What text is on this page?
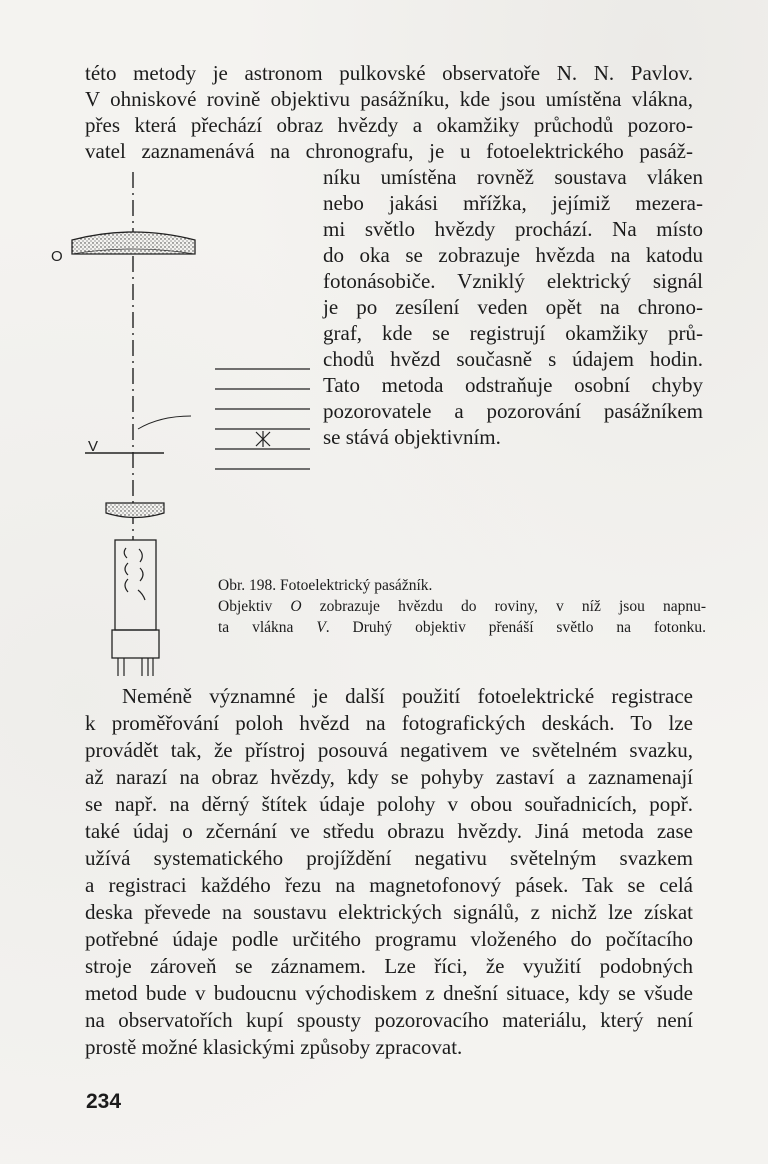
této metody je astronom pulkovské observatoře N. N. Pavlov.
V ohniskové rovině objektivu pasážníku, kde jsou umístěna vlákna,
přes která přechází obraz hvězdy a okamžiky průchodů pozoro-
vatel zaznamenává na chronografu, je u fotoelektrického pasáž-
níku umístěna rovněž soustava vláken
nebo jakási mřížka, jejímiž mezera-
mi světlo hvězdy prochází. Na místo
do oka se zobrazuje hvězda na katodu
fotonásobiče. Vzniklý elektrický signál
je po zesílení veden opět na chrono-
graf, kde se registrují okamžiky prů-
chodů hvězd současně s údajem hodin.
Tato metoda odstraňuje osobní chyby
pozorovatele a pozorování pasážníkem
se stává objektivním.
O
V
Obr. 198. Fotoelektrický pasážník.
Objektiv O zobrazuje hvězdu do roviny, v níž jsou napnu-
ta vlákna V. Druhý objektiv přenáší světlo na fotonku.
Neméně významné je další použití fotoelektrické registrace
k proměřování poloh hvězd na fotografických deskách. To lze
provádět tak, že přístroj posouvá negativem ve světelném svazku,
až narazí na obraz hvězdy, kdy se pohyby zastaví a zaznamenají
se např. na děrný štítek údaje polohy v obou souřadnicích, popř.
také údaj o zčernání ve středu obrazu hvězdy. Jiná metoda zase
užívá systematického projíždění negativu světelným svazkem
a registraci každého řezu na magnetofonový pásek. Tak se celá
deska převede na soustavu elektrických signálů, z nichž lze získat
potřebné údaje podle určitého programu vloženého do počítacího
stroje zároveň se záznamem. Lze říci, že využití podobných
metod bude v budoucnu východiskem z dnešní situace, kdy se všude
na observatořích kupí spousty pozorovacího materiálu, který není
prostě možné klasickými způsoby zpracovat.
234
